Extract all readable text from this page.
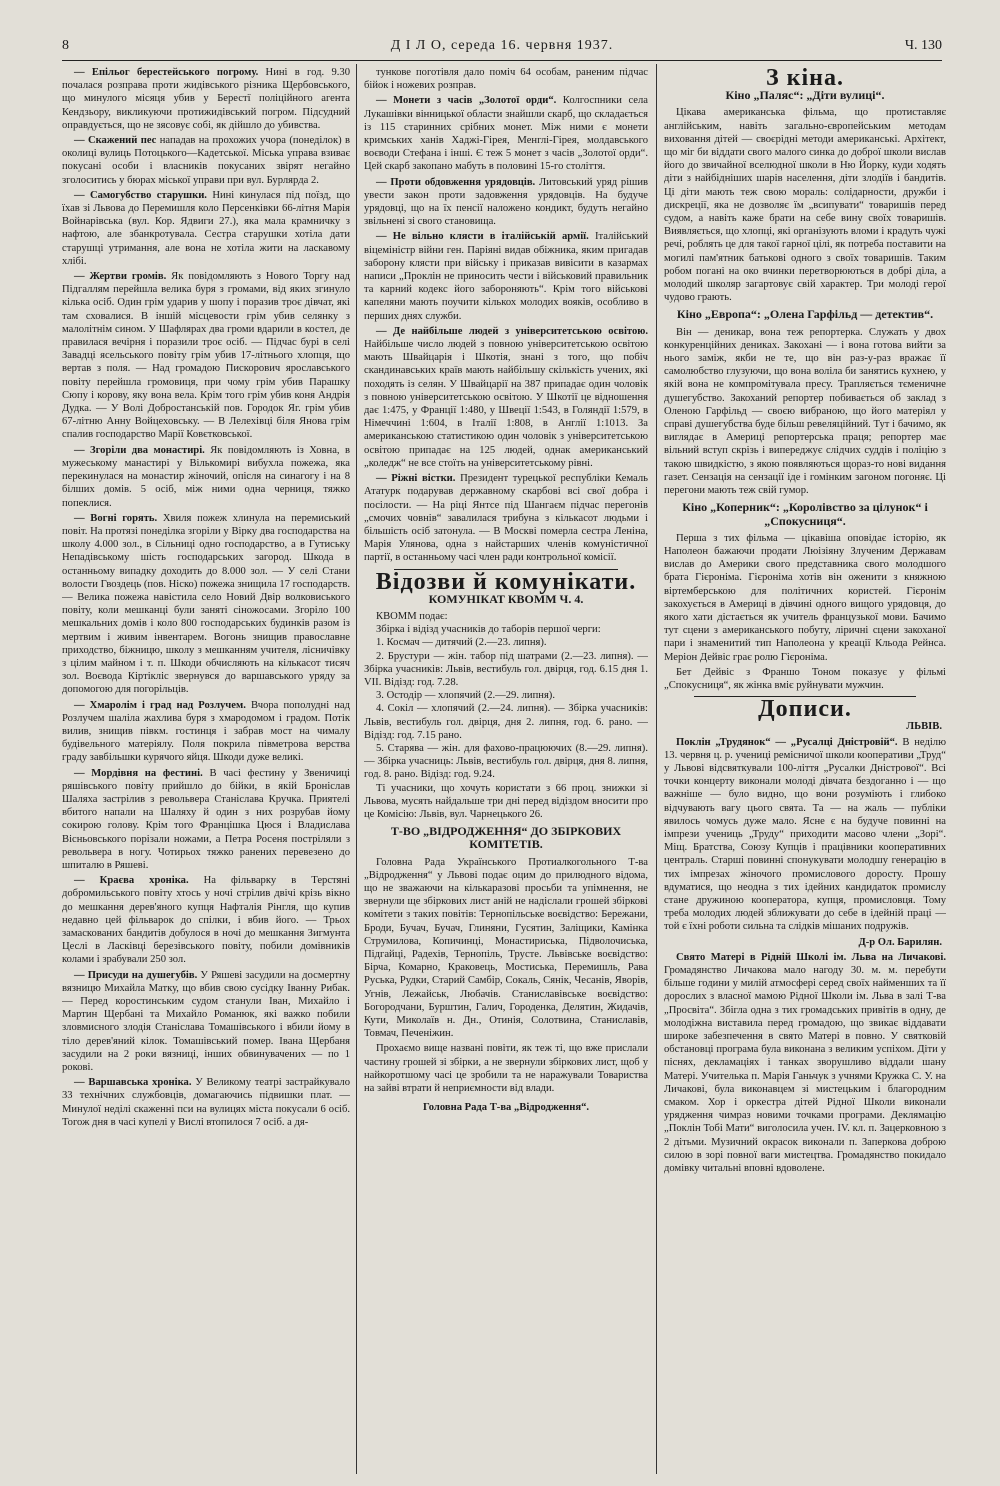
8	Д І Л О, середа 16. червня 1937.	Ч. 130

— Епільог берестейського погрому. Нині в год. 9.30 почалася розправа проти жидівського різника Щербовського, що минулого місяця убив у Берестї поліційного агента Кендзьору, викликуючи протижидівський погром. Підсудний оправдується, що не зясовує собі, як дійшло до убивства.

— Скажений пес нападав на прохожих учора (понеділок) в околиці вулиць Потоцького—Кадетської. Міська управа взиває покусані особи і власників покусаних звірят негайно зголоситись у бюрах міської управи при вул. Бурлярда 2.

— Самогубство старушки. Нині кинулася під поїзд, що їхав зі Львова до Перемишля коло Персенківки 66-літня Марія Войнарівська (вул. Кор. Ядвиги 27.), яка мала крамничку з нафтою, але збанкротувала. Сестра старушки хотіла дати старушці утримання, але вона не хотіла жити на ласкавому хлібі.

— Жертви громів. Як повідомляють з Нового Торгу над Підгаллям перейшла велика буря з громами, від яких згинуло кілька осіб. Один грім ударив у шопу і поразив троє дівчат, які там сховалися. В іншій місцевости грім убив селянку з малолітнім сином. У Шафлярах два громи вдарили в костел, де правилася вечірня і поразили троє осіб. — Підчас бурі в селі Завадці ясельського повіту грім убив 17-літнього хлопця, що вертав з поля. — Над громадою Пискорович ярославського повіту перейшла громовиця, при чому грім убив Парашку Сюпу і корову, яку вона вела. Крім того грім убив коня Андрія Дудка. — У Волі Добростанській пов. Городок Яг. грім убив 67-літню Анну Войцеховську. — В Лелехівці біля Янова грім спалив господарство Марії Ковєтковської.

— Згоріли два монастирі. Як повідомляють із Ховна, в мужеському манастирі у Вількомирі вибухла пожежа, яка перекинулася на монастир жіночий, опісля на синагогу і на 8 білших домів. 5 осіб, між ними одна черниця, тяжко попеклися.

— Вогні горять. Хвиля пожеж хлинула на перемиський повіт. На протязі понеділка згоріли у Вірку два господарства на школу 4.000 зол., в Сільниці одно господарство, а в Гутиську Непадівському шість господарських загород. Шкода в останньому випадку доходить до 8.000 зол. — У селі Стани волости Гвоздець (пов. Ніско) пожежа знищила 17 господарств. — Велика пожежа навістила село Новий Двір волковиського повіту, коли мешканці були заняті сіножосами. Згоріло 100 мешкальних домів і коло 800 господарських будинків разом із мертвим і живим інвентарем. Вогонь знищив православне приходство, біжницю, школу з мешканням учителя, лісничівку з цілим майном і т. п. Шкоди обчисляють на кількасот тисяч зол. Воєвода Кіртікліс звернувся до варшавського уряду за допомогою для погорільців.

— Хмаролім і град над Розлучем. Вчора пополудні над Розлучем шаліла жахлива буря з хмародомом і градом. Потік вилив, знищив півкм. гостинця і забрав мост на чималу будівельного матеріялу. Поля покрила півметрова верства граду завбільшки курячого яйця. Шкоди дуже великі.

— Мордівня на фестині. В часі фестину у Звеничиці ряшівського повіту прийшло до бійки, в якій Броніслав Шаляха застрілив з револьвера Станіслава Кручка. Приятелі вбитого напали на Шаляху й один з них розрубав йому сокирою голову. Крім того Францішка Цюся і Владислава Вісньовського порізали ножами, а Петра Росеня постріляли з револьвера в ногу. Чотирьох тяжко ранених перевезено до шпиталю в Ряшеві.

— Краєва хроніка. На фільварку в Терстяні добромильського повіту хтось у ночі стрілив двічі крізь вікно до мешкання дерев'яного купця Нафталія Рінгля, що купив недавно цей фільварок до спілки, і вбив його. — Трьох замаскованих бандитів добулося в ночі до мешкання Зигмунта Цеслі в Ласківці березівського повіту, побили домівників колами і зрабували 250 зол.

— Присуди на душегубів. У Ряшеві засудили на досмертну вязницю Михайла Матку, що вбив свою сусідку Іванну Рибак. — Перед коростинським судом станули Іван, Михайло і Мартин Щербані та Михайло Романюк, які важко побили зловмисного злодія Станіслава Томашівського і вбили йому в тіло дерев'яний кілок. Томашівський помер. Івана Щербаня засудили на 2 роки вязниці, інших обвинувачених — по 1 рокові.

— Варшавська хроніка. У Великому театрі застрайкувало 33 технічних службовців, домагаючись підвишки плат. — Минулої неділі скаженні пси на вулицях міста покусали 6 осіб. Тогож дня в часі купелі у Вислі втопилося 7 осіб. а дя-

тункове поготівля дало поміч 64 особам, раненим підчас бійок і ножевих розправ.

— Монети з часів „Золотої орди“. Колгоспники села Лукашівки вінницької области знайшли скарб, що складається із 115 старинних срібних монет. Між ними є монети кримських ханів Хаджі-Гірея, Менглі-Гірея, молдавського воєводи Стефана і інші. Є теж 5 монет з часів „Золотої орди“. Цей скарб закопано мабуть в половині 15-го століття.

— Проти обдовження урядовців. Литовський уряд рішив увести закон проти задовження урядовців. На будуче урядовці, що на їх пенсії наложено кондикт, будуть негайно звільнені зі свого становища.

— Не вільно клясти в італійській армії. Італійський віцеміністр війни ген. Паріяні видав обіжника, яким пригадав заборону клясти при війську і приказав вивісити в казармах написи „Проклін не приносить чести і військовий правильник та карний кодекс його забороняють“. Крім того військові капеляни мають поучити кількох молодих вояків, особливо в перших днях служби.

— Де найбільше людей з університетською освітою. Найбільше число людей з повною університетською освітою мають Швайцарія і Шкотія, знані з того, що побіч скандинавських країв мають найбільшу скількість учених, які походять із селян. У Швайцарії на 387 припадає один чоловік з повною університетською освітою. У Шкотії це відношення дає 1:475, у Франції 1:480, у Швеції 1:543, в Голяндії 1:579, в Німеччині 1:604, в Італії 1:808, в Англії 1:1013. За американською статистикою один чоловік з університетською освітою припадає на 125 людей, однак американський „коледж“ не все стоїть на університетському рівні.

— Ріжні вістки. Президент турецької республіки Кемаль Ататурк подарував державному скарбові всі свої добра і посілости. — На ріці Янтсе під Шангаєм підчас перегонів „смочих човнів“ завалилася трибуна з кількасот людьми і більшість осіб затонула. — В Москві померла сестра Леніна, Марія Улянова, одна з найстарших членів комуністичної партії, в останньому часі член ради контрольної комісії.

Відозви й комунікати.
КОМУНІКАТ КВОММ Ч. 4.

КВОММ подає:

Збірка і відізд учасників до таборів першої черги:

1. Космач — дитячий (2.—23. липня).

2. Брустури — жін. табор під шатрами (2.—23. липня). — Збірка учасників: Львів, вестибуль гол. двірця, год. 6.15 дня 1. VII. Відізд: год. 7.28.

3. Остодір — хлопячий (2.—29. липня).

4. Сокіл — хлопячий (2.—24. липня). — Збірка учасників: Львів, вестибуль гол. двірця, дня 2. липня, год. 6. рано. — Відізд: год. 7.15 рано.

5. Старява — жін. для фахово-працюючих (8.—29. липня). — Збірка учасниць: Львів, вестибуль гол. двірця, дня 8. липня, год. 8. рано. Відізд: год. 9.24.

Ті учасники, що хочуть користати з 66 проц. знижки зі Львова, мусять найдальше три дні перед відіздом вносити про це Комісію: Львів, вул. Чарнецького 26.

Т-ВО „ВІДРОДЖЕННЯ“ ДО ЗБІРКОВИХ КОМІТЕТІВ.

Головна Рада Українського Протиалкогольного Т-ва „Відродження“ у Львові подає оцим до прилюдного відома, що не зважаючи на кількаразові просьби та упімнення, не звернули ще збіркових лист аній не надіслали грошей збіркові комітети з таких повітів: Тернопільське воєвідство: Бережани, Броди, Бучач, Бучач, Глиняни, Гусятин, Заліщики, Камінка Струмилова, Копичинці, Монастириська, Підволочиська, Підгайці, Радехів, Тернопіль, Трусте. Львівське воєвідство: Бірча, Комарно, Краковець, Мостиська, Перемишль, Рава Руська, Рудки, Старий Самбір, Сокаль, Сянік, Чесанів, Яворів, Угнів, Лежайськ, Любачів. Станиславівське воєвідство: Богородчани, Бурштин, Галич, Городенка, Делятин, Жидачів, Кути, Миколаїв н. Дн., Отинія, Солотвина, Станиславів, Товмач, Печеніжин.

Прохаємо вище названі повіти, як теж ті, що вже прислали частину грошей зі збірки, а не звернули збіркових лист, щоб у найкоротшому часі це зробили та не наражували Товариства на зайві втрати й неприємности від влади.

Головна Рада Т-ва „Відродження“.
З кіна.
Кіно „Паляс“: „Діти вулиці“.

Цікава американська фільма, що протиставляє англійським, навіть загально-європейським методам виховання дітей — своєрідні методи американські. Архітект, що міг би віддати свого малого синка до доброї школи вислав його до звичайної вселюдної школи в Ню Йорку, куди ходять діти з найбідніших шарів населення, діти злодіїв і бандитів. Ці діти мають теж свою мораль: солідарности, дружби і дискреції, яка не дозволяє їм „всипувати“ товаришів перед судом, а навіть каже брати на себе вину своїх товаришів. Виявляється, що хлопці, які організують вломи і крадуть чужі речі, роблять це для такої гарної цілі, як потреба поставити на могилі пам'ятник батькові одного з своїх товаришів. Таким робом погані на око вчинки перетворюються в добрі діла, а молодий школяр загартовує свій характер. Три молоді герої чудово грають.

Кіно „Европа“: „Олена Гарфільд — детектив“.

Він — деникар, вона теж репортерка. Служать у двох конкуренційних дениках. Закохані — і вона готова вийти за нього заміж, якби не те, що він раз-у-раз вражає її самолюбство глузуючи, що вона воліла би занятись кухнею, у якій вона не компромітувала пресу. Трапляється тєменичне душегубство. Закоханий репортер побивається об заклад з Оленою Гарфільд — своєю вибраною, що його матеріял у справі душегубства буде більш ревеляційний. Тут і бачимо, як виглядає в Америці репортерська праця; репортер має вільний вступ скрізь і випереджує слідчих суддів і поліцію з такою швидкістю, з якою появляються щораз-то нові видання газет. Сензація на сензації іде і гомінким загоном погоняє. Ці перегони мають теж свій гумор.

Кіно „Коперник“: „Королівство за цілунок“ і „Спокусниця“.

Перша з тих фільма — цікавіша оповідає історію, як Наполеон бажаючи продати Люізіяну Злученим Державам вислав до Америки свого представника свого молодшого брата Гієроніма. Гієронімa хотів він оженити з княжною віртемберською для політичних користей. Гієронім закохується в Америці в дівчині одного вищого урядовця, до якого хати дістається як учитель французької мови. Бачимо тут сцени з американського побуту, ліричні сцени закоханої пари і знаменитий тип Наполеона у креації Кльода Рейнса. Меріон Дейвіс грає ролю Гієроніма.

Бет Дейвіс з Франшо Тоном показує у фільмі „Спокусниця“, як жінка вміє руйнувати мужчин.

Дописи.
ЛЬВІВ.

Поклін „Трудянок“ — „Русалці Дністровій“. В неділю 13. червня ц. р. учениці ремісничої школи кооперативи „Труд“ у Львові відсвяткували 100-ліття „Русалки Дністрової“. Всі точки концерту виконали молоді дівчата бездоганно і — що важніше — було видно, що вони розуміють і глибоко відчувають вагу цього свята. Та — на жаль — публіки явилось чомусь дуже мало. Ясне є на будуче повинні на імпрези учениць „Труду“ приходити масово члени „Зорі“. Міщ. Братства, Союзу Купців і працівники кооперативних централь. Старші повинні спонукувати молодшу генерацію в тих імпрезах жіночого промислового доросту. Прошу вдуматися, що неодна з тих ідейних кандидаток промислу стане дружиною кооператора, купця, промисловця. Тому треба молодих людей зближувати до себе в ідейній праці — той є їхні роботи сильна та слідків мішаних подружів.

Д-р Ол. Барилян.

Свято Матері в Рідній Школі ім. Льва на Личакові. Громадянство Личакова мало нагоду 30. м. м. перебути більше години у милій атмосфері серед своїх найменших та її дорослих з власної мамою Рідної Школи ім. Льва в залі Т-ва „Просвіта“. Збігла одна з тих громадських привітів в одну, де молодіжна виставила перед громадою, що звикає віддавати широке забезпечення в свято Матері в повно. У святковій обстановці програма була виконана з великим успіхом. Діти у піснях, декламаціях і танках зворушливо віддали шану Матері. Учителька п. Марія Ганьчук з учнями Кружка С. У. на Личакові, була виконавцем зі мистецьким і благородним смаком. Хор і оркестра дітей Рідної Школи виконали урядження чимраз новими точками програми. Деклямацію „Поклін Тобі Мати“ виголосила учен. IV. кл. п. Зацерковною з 2 дітьми. Музичний окрасок виконали п. Заперкова доброю силою в зорі повної ваги мистецтва. Громадянство покидало домівку читальні вповні вдоволене.
